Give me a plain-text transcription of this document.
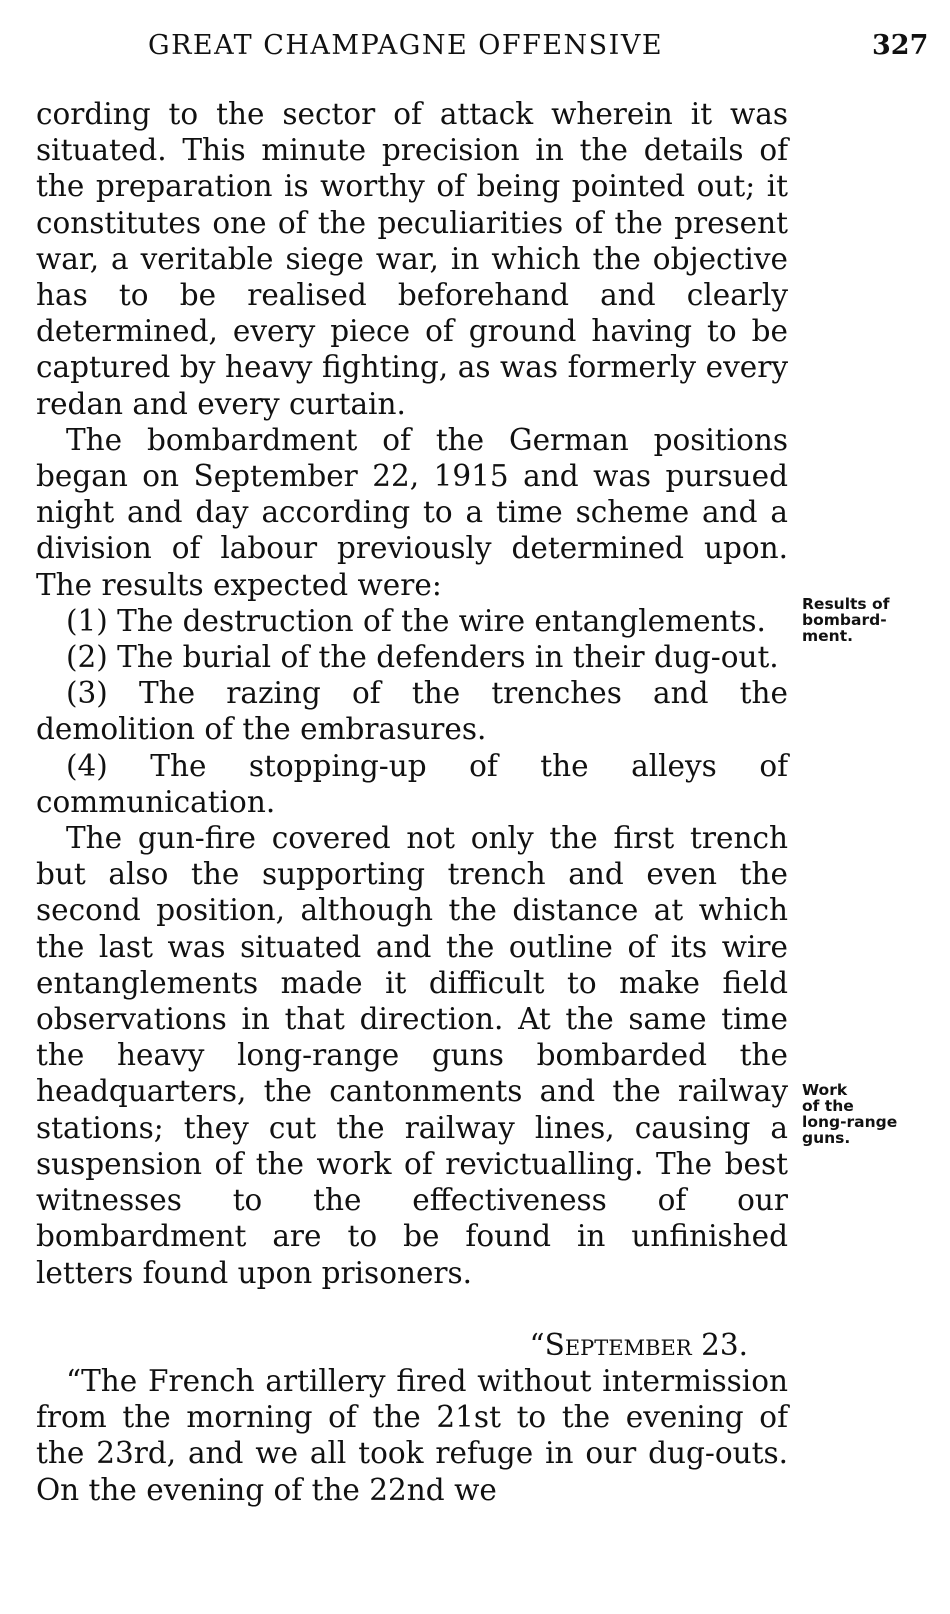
GREAT CHAMPAGNE OFFENSIVE	327

cording to the sector of attack wherein it was situated. This minute precision in the details of the preparation is worthy of being pointed out; it constitutes one of the peculiarities of the present war, a veritable siege war, in which the objective has to be realised beforehand and clearly determined, every piece of ground having to be captured by heavy fighting, as was formerly every redan and every curtain.

The bombardment of the German positions began on September 22, 1915 and was pursued night and day according to a time scheme and a division of labour previously determined upon. The results expected were:

(1) The destruction of the wire entanglements.

(2) The burial of the defenders in their dug-out.

(3) The razing of the trenches and the demolition of the embrasures.

(4) The stopping-up of the alleys of communication.

The gun-fire covered not only the first trench but also the supporting trench and even the second position, although the distance at which the last was situated and the outline of its wire entanglements made it difficult to make field observations in that direction. At the same time the heavy long-range guns bombarded the headquarters, the cantonments and the railway stations; they cut the railway lines, causing a suspension of the work of revictualling. The best witnesses to the effectiveness of our bombardment are to be found in unfinished letters found upon prisoners.

“September 23.

“The French artillery fired without intermission from the morning of the 21st to the evening of the 23rd, and we all took refuge in our dug-outs. On the evening of the 22nd we

Results of
bombard-
ment.
Work
of the
long-range
guns.
